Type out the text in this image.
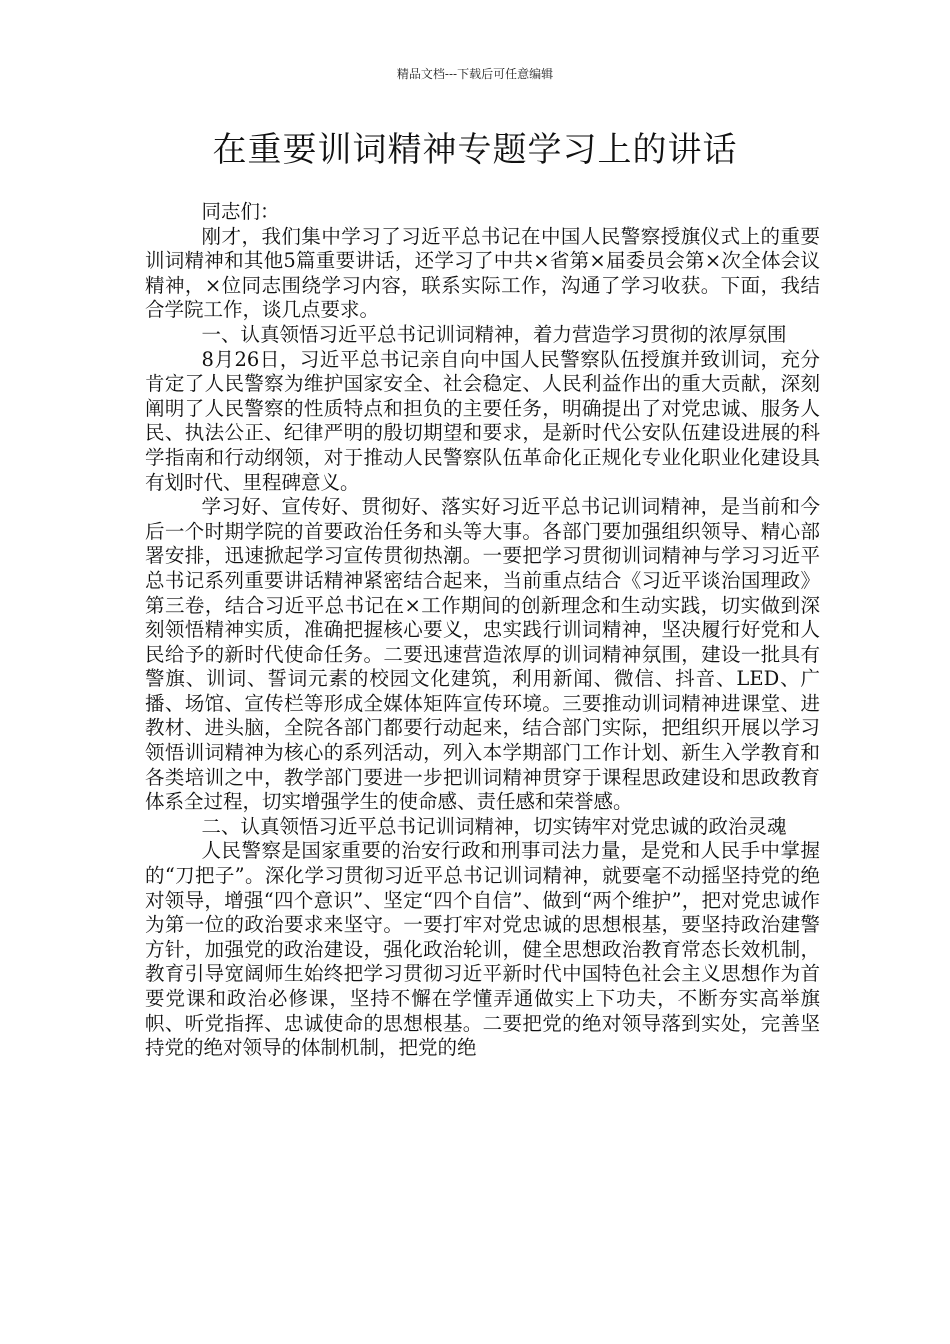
精品文档---下载后可任意编辑
在重要训词精神专题学习上的讲话

同志们：

刚才，我们集中学习了习近平总书记在中国人民警察授旗仪式上的重要训词精神和其他5篇重要讲话，还学习了中共×省第×届委员会第×次全体会议精神，×位同志围绕学习内容，联系实际工作，沟通了学习收获。下面，我结合学院工作，谈几点要求。

一、认真领悟习近平总书记训词精神，着力营造学习贯彻的浓厚氛围

8月26日，习近平总书记亲自向中国人民警察队伍授旗并致训词，充分肯定了人民警察为维护国家安全、社会稳定、人民利益作出的重大贡献，深刻阐明了人民警察的性质特点和担负的主要任务，明确提出了对党忠诚、服务人民、执法公正、纪律严明的殷切期望和要求，是新时代公安队伍建设进展的科学指南和行动纲领，对于推动人民警察队伍革命化正规化专业化职业化建设具有划时代、里程碑意义。

学习好、宣传好、贯彻好、落实好习近平总书记训词精神，是当前和今后一个时期学院的首要政治任务和头等大事。各部门要加强组织领导、精心部署安排，迅速掀起学习宣传贯彻热潮。一要把学习贯彻训词精神与学习习近平总书记系列重要讲话精神紧密结合起来，当前重点结合《习近平谈治国理政》第三卷，结合习近平总书记在×工作期间的创新理念和生动实践，切实做到深刻领悟精神实质，准确把握核心要义，忠实践行训词精神，坚决履行好党和人民给予的新时代使命任务。二要迅速营造浓厚的训词精神氛围，建设一批具有警旗、训词、誓词元素的校园文化建筑，利用新闻、微信、抖音、LED、广播、场馆、宣传栏等形成全媒体矩阵宣传环境。三要推动训词精神进课堂、进教材、进头脑，全院各部门都要行动起来，结合部门实际，把组织开展以学习领悟训词精神为核心的系列活动，列入本学期部门工作计划、新生入学教育和各类培训之中，教学部门要进一步把训词精神贯穿于课程思政建设和思政教育体系全过程，切实增强学生的使命感、责任感和荣誉感。

二、认真领悟习近平总书记训词精神，切实铸牢对党忠诚的政治灵魂

人民警察是国家重要的治安行政和刑事司法力量，是党和人民手中掌握的“刀把子”。深化学习贯彻习近平总书记训词精神，就要毫不动摇坚持党的绝对领导，增强“四个意识”、坚定“四个自信”、做到“两个维护”，把对党忠诚作为第一位的政治要求来坚守。一要打牢对党忠诚的思想根基，要坚持政治建警方针，加强党的政治建设，强化政治轮训，健全思想政治教育常态长效机制，教育引导宽阔师生始终把学习贯彻习近平新时代中国特色社会主义思想作为首要党课和政治必修课，坚持不懈在学懂弄通做实上下功夫，不断夯实高举旗帜、听党指挥、忠诚使命的思想根基。二要把党的绝对领导落到实处，完善坚持党的绝对领导的体制机制，把党的绝
